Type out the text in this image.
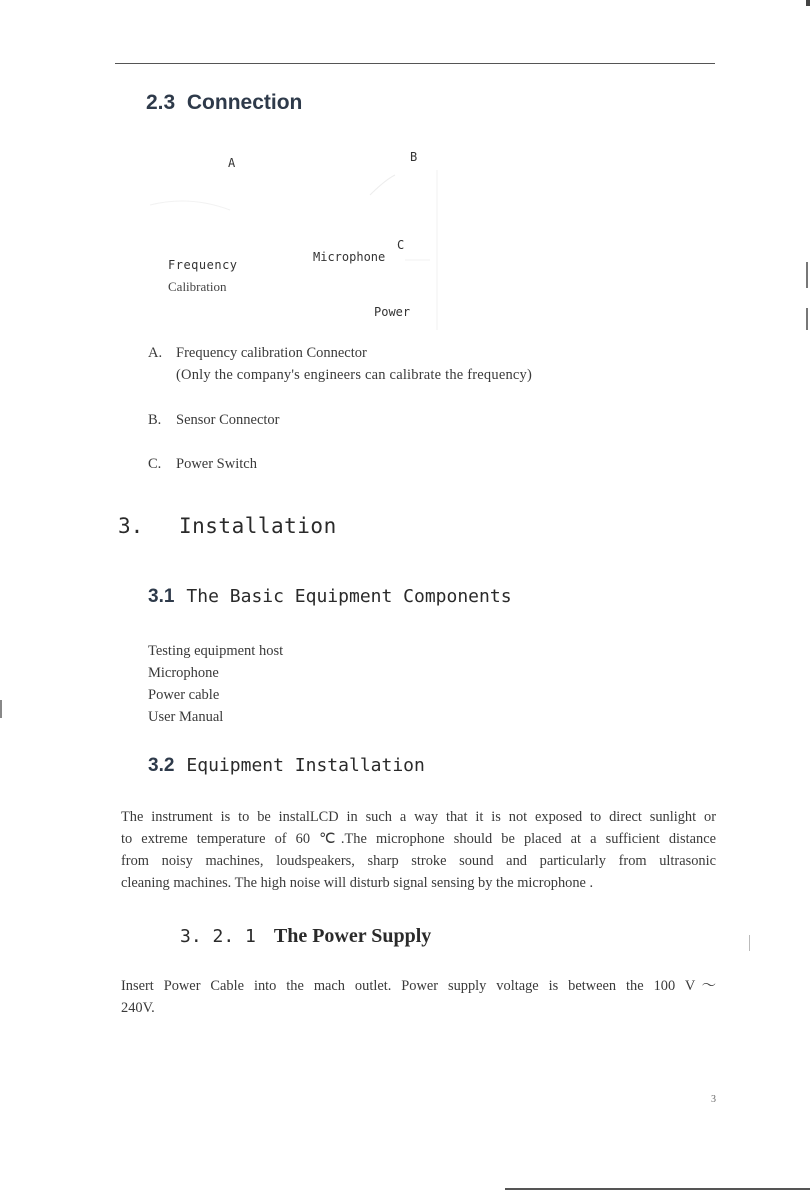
2.3 Connection
A	B
C
Frequency
Calibration
Microphone
Power
A. Frequency calibration Connector
(Only the company's engineers can calibrate the frequency)
B. Sensor Connector
C. Power Switch
3. Installation
3.1 The Basic Equipment Components
Testing equipment host
Microphone
Power cable
User Manual
3.2 Equipment Installation
The instrument is to be instalLCD in such a way that it is not exposed to direct sunlight or
to extreme temperature of 60 ℃.The microphone should be placed at a sufficient distance
from noisy machines, loudspeakers, sharp stroke sound and particularly from ultrasonic
cleaning machines. The high noise will disturb signal sensing by the microphone .
3. 2. 1 The Power Supply
Insert Power Cable into the mach outlet. Power supply voltage is between the 100 V〜
240V.
3
